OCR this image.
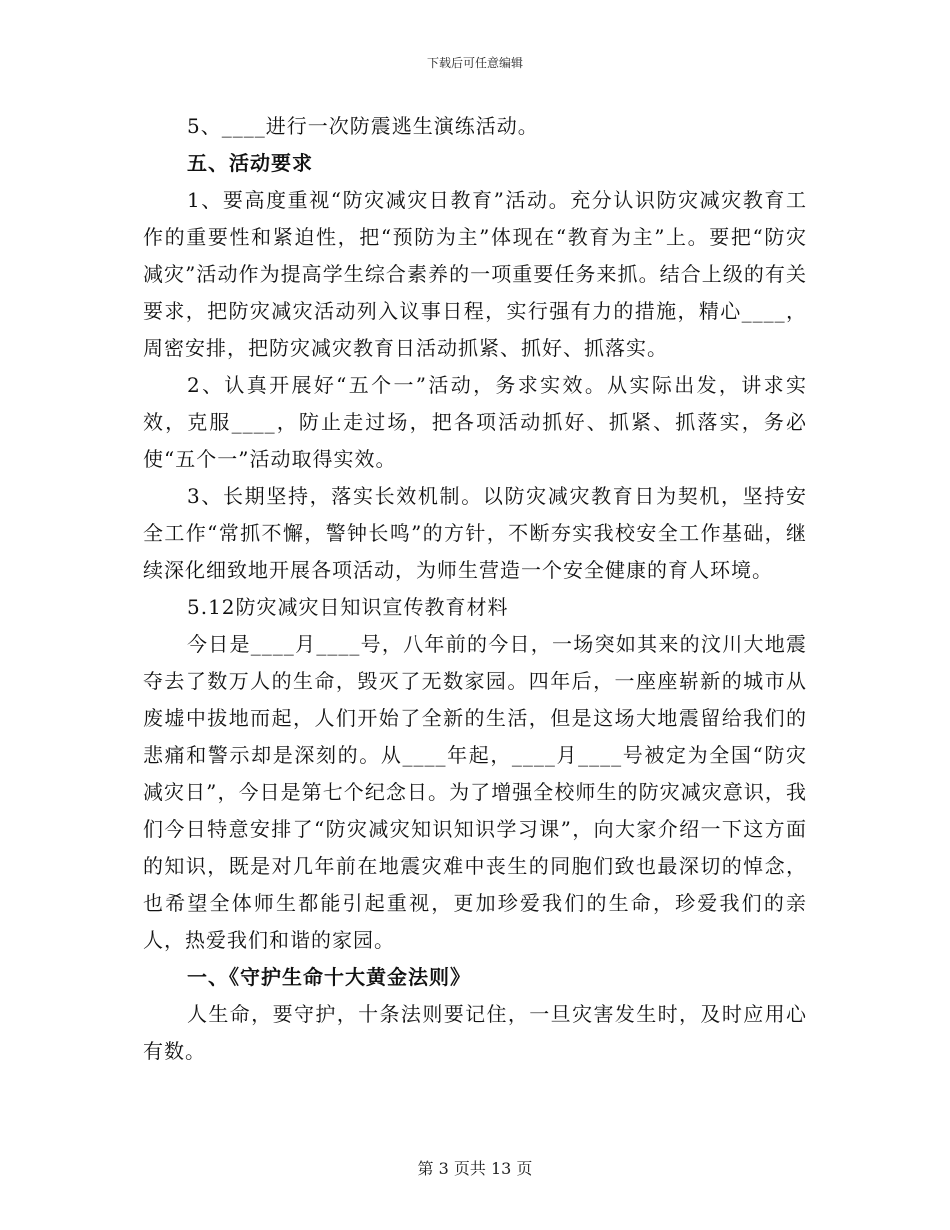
下载后可任意编辑

5、____进行一次防震逃生演练活动。

五、活动要求

1、要高度重视“防灾减灾日教育”活动。充分认识防灾减灾教育工作的重要性和紧迫性，把“预防为主”体现在“教育为主”上。要把“防灾减灾”活动作为提高学生综合素养的一项重要任务来抓。结合上级的有关要求，把防灾减灾活动列入议事日程，实行强有力的措施，精心____，周密安排，把防灾减灾教育日活动抓紧、抓好、抓落实。

2、认真开展好“五个一”活动，务求实效。从实际出发，讲求实效，克服____，防止走过场，把各项活动抓好、抓紧、抓落实，务必使“五个一”活动取得实效。

3、长期坚持，落实长效机制。以防灾减灾教育日为契机，坚持安全工作“常抓不懈，警钟长鸣”的方针，不断夯实我校安全工作基础，继续深化细致地开展各项活动，为师生营造一个安全健康的育人环境。

5.12防灾减灾日知识宣传教育材料

今日是____月____号，八年前的今日，一场突如其来的汶川大地震夺去了数万人的生命，毁灭了无数家园。四年后，一座座崭新的城市从废墟中拔地而起，人们开始了全新的生活，但是这场大地震留给我们的悲痛和警示却是深刻的。从____年起，____月____号被定为全国“防灾减灾日”，今日是第七个纪念日。为了增强全校师生的防灾减灾意识，我们今日特意安排了“防灾减灾知识知识学习课”，向大家介绍一下这方面的知识，既是对几年前在地震灾难中丧生的同胞们致也最深切的悼念，也希望全体师生都能引起重视，更加珍爱我们的生命，珍爱我们的亲人，热爱我们和谐的家园。

一、《守护生命十大黄金法则》

人生命，要守护，十条法则要记住，一旦灾害发生时，及时应用心有数。

第 3 页共 13 页
